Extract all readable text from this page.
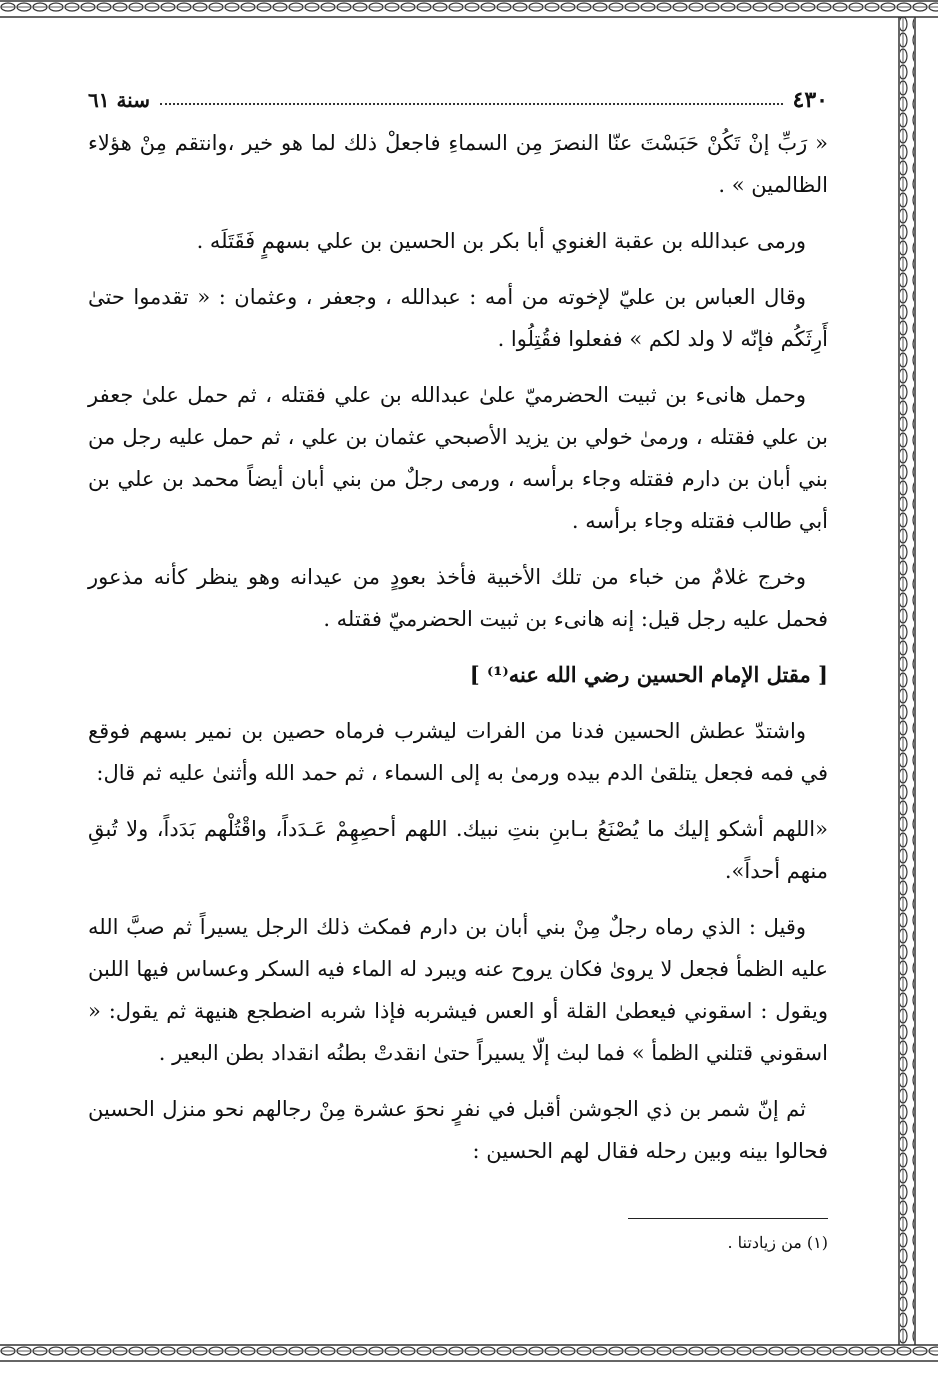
٤٣٠
سنة ٦١

« رَبِّ إنْ تَكُنْ حَبَسْتَ عنّا النصرَ مِن السماءِ فاجعلْ ذلك لما هو خير ،وانتقم مِنْ هؤلاء الظالمين » .

ورمى عبدالله بن عقبة الغنوي أبا بكر بن الحسين بن علي بسهمٍ فَقَتَلَه .

وقال العباس بن عليّ لإخوته من أمه : عبدالله ، وجعفر ، وعثمان : « تقدموا حتىٰ أَرِثَكُم فإنّه لا ولد لكم » ففعلوا فقُتِلُوا .

وحمل هانىء بن ثبيت الحضرميّ علىٰ عبدالله بن علي فقتله ، ثم حمل علىٰ جعفر بن علي فقتله ، ورمىٰ خولي بن يزيد الأصبحي عثمان بن علي ، ثم حمل عليه رجل من بني أبان بن دارم فقتله وجاء برأسه ، ورمى رجلٌ من بني أبان أيضاً محمد بن علي بن أبي طالب فقتله وجاء برأسه .

وخرج غلامٌ من خباء من تلك الأخبية فأخذ بعودٍ من عيدانه وهو ينظر كأنه مذعور فحمل عليه رجل قيل: إنه هانىء بن ثبيت الحضرميّ فقتله .

[ مقتل الإمام الحسين رضي الله عنه⁽¹⁾ ]

واشتدّ عطش الحسين فدنا من الفرات ليشرب فرماه حصين بن نمير بسهم فوقع في فمه فجعل يتلقىٰ الدم بيده ورمىٰ به إلى السماء ، ثم حمد الله وأثنىٰ عليه ثم قال:

«اللهم أشكو إليك ما يُصْنَعُ بـابنِ بنتِ نبيك. اللهم أحصِهِمْ عَـدَداً، واقْتُلْهم بَدَداً، ولا تُبقِ منهم أحداً».

وقيل : الذي رماه رجلٌ مِنْ بني أبان بن دارم فمكث ذلك الرجل يسيراً ثم صبَّ الله عليه الظمأ فجعل لا يروىٰ فكان يروح عنه ويبرد له الماء فيه السكر وعساس فيها اللبن ويقول : اسقوني فيعطىٰ القلة أو العس فيشربه فإذا شربه اضطجع هنيهة ثم يقول: « اسقوني قتلني الظمأ » فما لبث إلّا يسيراً حتىٰ انقدتْ بطنُه انقداد بطن البعير .

ثم إنّ شمر بن ذي الجوشن أقبل في نفرٍ نحوَ عشرة مِنْ رجالهم نحو منزل الحسين فحالوا بينه وبين رحله فقال لهم الحسين :

(١) من زيادتنا .
